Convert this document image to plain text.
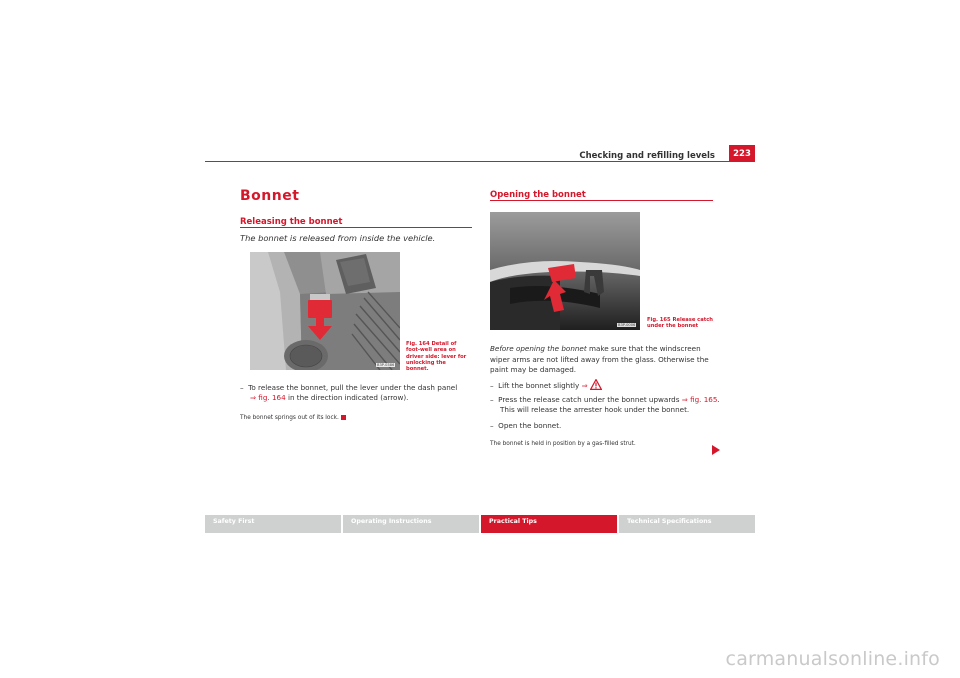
Checking and refilling levels	223
Bonnet
Releasing the bonnet
The bonnet is released from inside the vehicle.
B3P-0386
Fig. 164 Detail of foot-well area on driver side: lever for unlocking the bonnet.
– To release the bonnet, pull the lever under the dash panel
⇒ fig. 164 in the direction indicated (arrow).
The bonnet springs out of its lock.
Opening the bonnet
B3P-0006
Fig. 165 Release catch under the bonnet
Before opening the bonnet make sure that the windscreen wiper arms are not lifted away from the glass. Otherwise the paint may be damaged.
– Lift the bonnet slightly ⇒
– Press the release catch under the bonnet upwards ⇒ fig. 165.
This will release the arrester hook under the bonnet.
– Open the bonnet.
The bonnet is held in position by a gas-filled strut.
Safety First	Operating Instructions	Practical Tips	Technical Specifications
carmanualsonline.info
